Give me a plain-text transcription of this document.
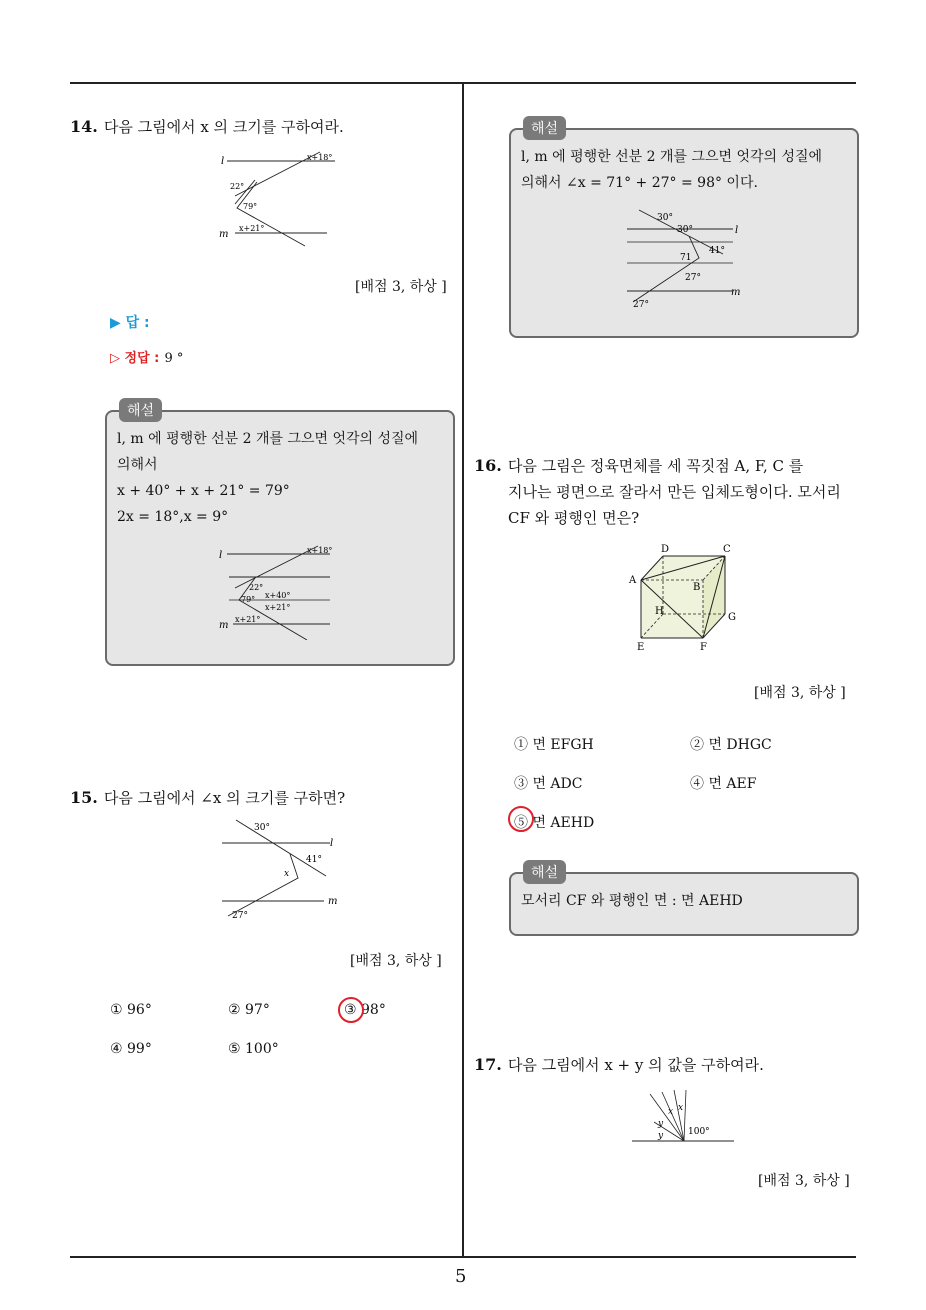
5
14. 다음 그림에서 x 의 크기를 구하여라.
l
m
x+18°
22°
79°
x+21°
[배점 3, 하상 ]
▶ 답 :
▷ 정답 : 9 °
해설
l, m 에 평행한 선분 2 개를 그으면 엇각의 성질에
의해서
x + 40° + x + 21° = 79°
2x = 18°,x = 9°
l
m
x+18°
22°
x+40°
79°
x+21°
x+21°
15. 다음 그림에서 ∠x 의 크기를 구하면?
30°
l
41°
x
m
27°
[배점 3, 하상 ]
① 96°	② 97°	③ 98°
④ 99°	⑤ 100°
해설
l, m 에 평행한 선분 2 개를 그으면 엇각의 성질에
의해서 ∠x = 71° + 27° = 98° 이다.
30°
30°	l
41°
71
27°
m
27°
16. 다음 그림은 정육면체를 세 꼭짓점 A, F, C 를
지나는 평면으로 잘라서 만든 입체도형이다. 모서리
CF 와 평행인 면은?
D	C
A
B
H
G
E	F
[배점 3, 하상 ]
① 면 EFGH	② 면 DHGC
③ 면 ADC	④ 면 AEF
⑤ 면 AEHD
해설
모서리 CF 와 평행인 면 : 면 AEHD
17. 다음 그림에서 x + y 의 값을 구하여라.
x x
y
y	100°
[배점 3, 하상 ]
